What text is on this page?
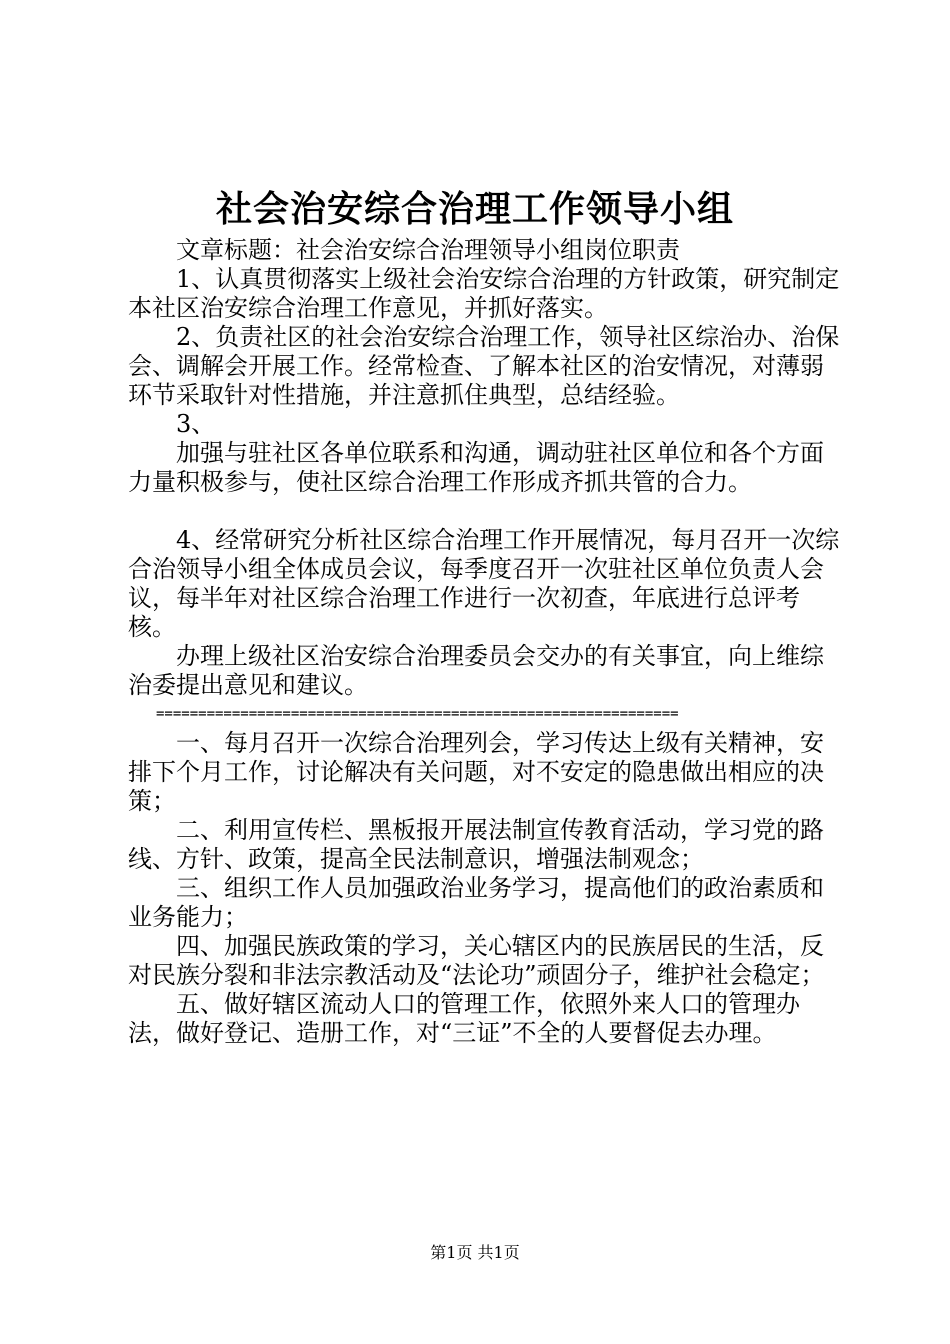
社会治安综合治理工作领导小组

文章标题：社会治安综合治理领导小组岗位职责

1、认真贯彻落实上级社会治安综合治理的方针政策，研究制定本社区治安综合治理工作意见，并抓好落实。

2、负责社区的社会治安综合治理工作，领导社区综治办、治保会、调解会开展工作。经常检查、了解本社区的治安情况，对薄弱环节采取针对性措施，并注意抓住典型，总结经验。

3、

加强与驻社区各单位联系和沟通，调动驻社区单位和各个方面力量积极参与，使社区综合治理工作形成齐抓共管的合力。

4、经常研究分析社区综合治理工作开展情况，每月召开一次综合治领导小组全体成员会议，每季度召开一次驻社区单位负责人会议，每半年对社区综合治理工作进行一次初查，年底进行总评考核。

办理上级社区治安综合治理委员会交办的有关事宜，向上维综治委提出意见和建议。

==============================================================

一、每月召开一次综合治理列会，学习传达上级有关精神，安排下个月工作，讨论解决有关问题，对不安定的隐患做出相应的决策；

二、利用宣传栏、黑板报开展法制宣传教育活动，学习党的路线、方针、政策，提高全民法制意识，增强法制观念；

三、组织工作人员加强政治业务学习，提高他们的政治素质和业务能力；

四、加强民族政策的学习，关心辖区内的民族居民的生活，反对民族分裂和非法宗教活动及“法论功”顽固分子，维护社会稳定；

五、做好辖区流动人口的管理工作，依照外来人口的管理办法，做好登记、造册工作，对“三证”不全的人要督促去办理。

第1页 共1页
